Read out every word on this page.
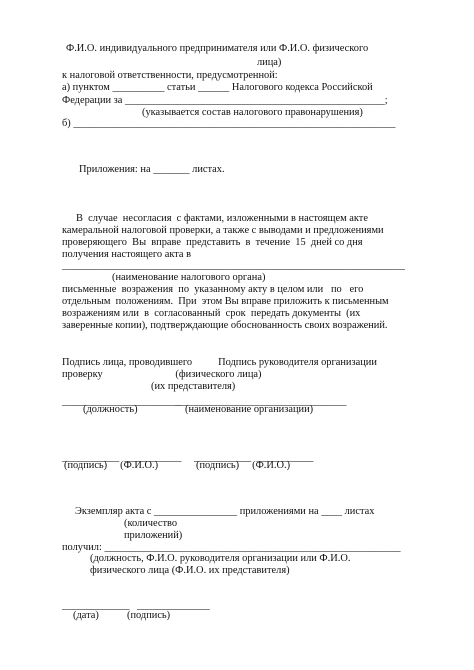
Ф.И.О. индивидуального предпринимателя или Ф.И.О. физического
лица)
к налоговой ответственности, предусмотренной:
а) пунктом __________ статьи ______ Налогового кодекса Российской
Федерации за __________________________________________________;
(указывается состав налогового правонарушения)
б) ______________________________________________________________
Приложения: на _______ листах.
В  случае  несогласия  с фактами, изложенными в настоящем акте
камеральной налоговой проверки, а также с выводами и предложениями
проверяющего  Вы  вправе  представить  в  течение  15  дней со дня
получения настоящего акта в
__________________________________________________________________
(наименование налогового органа)
письменные  возражения  по  указанному акту в целом или   по   его
отдельным  положениям.  При  этом Вы вправе приложить к письменным
возражениям или  в  согласованный  срок  передать документы  (их
заверенные копии), подтверждающие обоснованность своих возражений.
Подпись лица, проводившего          Подпись руководителя организации
проверку                            (физического лица)
(их представителя)
_______________________
_________________________________
(должность)	(наименование организации)
___________  ___________ ___________  ___________
(подпись)     (Ф.И.О.)	(подпись)     (Ф.И.О.)
Экземпляр акта с ________________ приложениями на ____ листах
(количество
приложений)
получил: _________________________________________________________
(должность, Ф.И.О. руководителя организации или Ф.И.О.
физического лица (Ф.И.О. их представителя)
_____________ ______________
(дата)	(подпись)
